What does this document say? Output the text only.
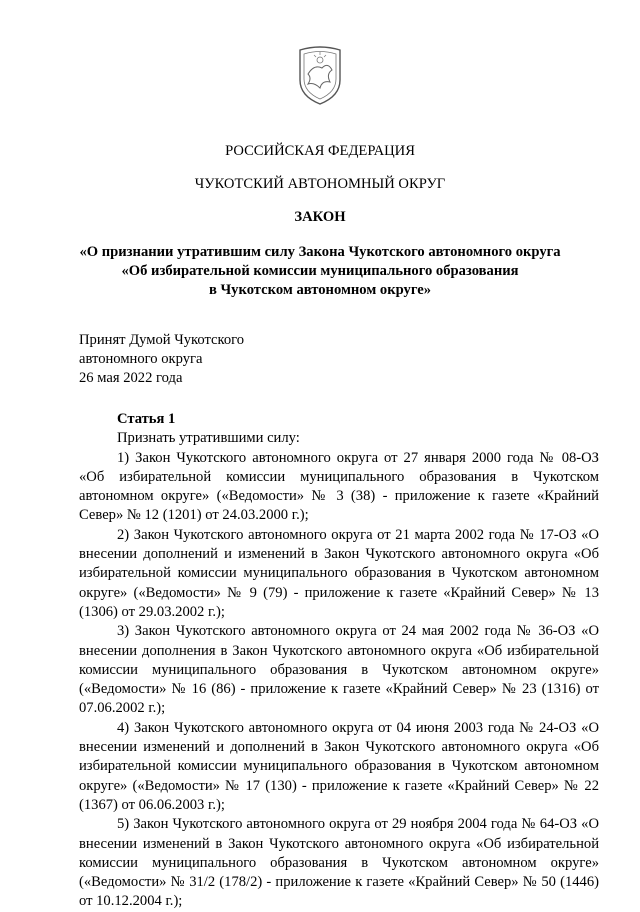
РОССИЙСКАЯ ФЕДЕРАЦИЯ
ЧУКОТСКИЙ АВТОНОМНЫЙ ОКРУГ
ЗАКОН
«О признании утратившим силу Закона Чукотского автономного округа
«Об избирательной комиссии муниципального образования
в Чукотском автономном округе»
Принят Думой Чукотского
автономного округа
26 мая 2022 года

Статья 1

Признать утратившими силу:

1) Закон Чукотского автономного округа от 27 января 2000 года № 08-ОЗ «Об избирательной комиссии муниципального образования в Чукотском автономном округе» («Ведомости» № 3 (38) - приложение к газете «Крайний Север» № 12 (1201) от 24.03.2000 г.);

2) Закон Чукотского автономного округа от 21 марта 2002 года № 17-ОЗ «О внесении дополнений и изменений в Закон Чукотского автономного округа «Об избирательной комиссии муниципального образования в Чукотском автономном округе» («Ведомости» № 9 (79) - приложение к газете «Крайний Север» № 13 (1306) от 29.03.2002 г.);

3) Закон Чукотского автономного округа от 24 мая 2002 года № 36-ОЗ «О внесении дополнения в Закон Чукотского автономного округа «Об избирательной комиссии муниципального образования в Чукотском автономном округе» («Ведомости» № 16 (86) - приложение к газете «Крайний Север» № 23 (1316) от 07.06.2002 г.);

4) Закон Чукотского автономного округа от 04 июня 2003 года № 24-ОЗ «О внесении изменений и дополнений в Закон Чукотского автономного округа «Об избирательной комиссии муниципального образования в Чукотском автономном округе» («Ведомости» № 17 (130) - приложение к газете «Крайний Север» № 22 (1367) от 06.06.2003 г.);

5) Закон Чукотского автономного округа от 29 ноября 2004 года № 64-ОЗ «О внесении изменений в Закон Чукотского автономного округа «Об избирательной комиссии муниципального образования в Чукотском автономном округе» («Ведомости» № 31/2 (178/2) - приложение к газете «Крайний Север» № 50 (1446) от 10.12.2004 г.);
